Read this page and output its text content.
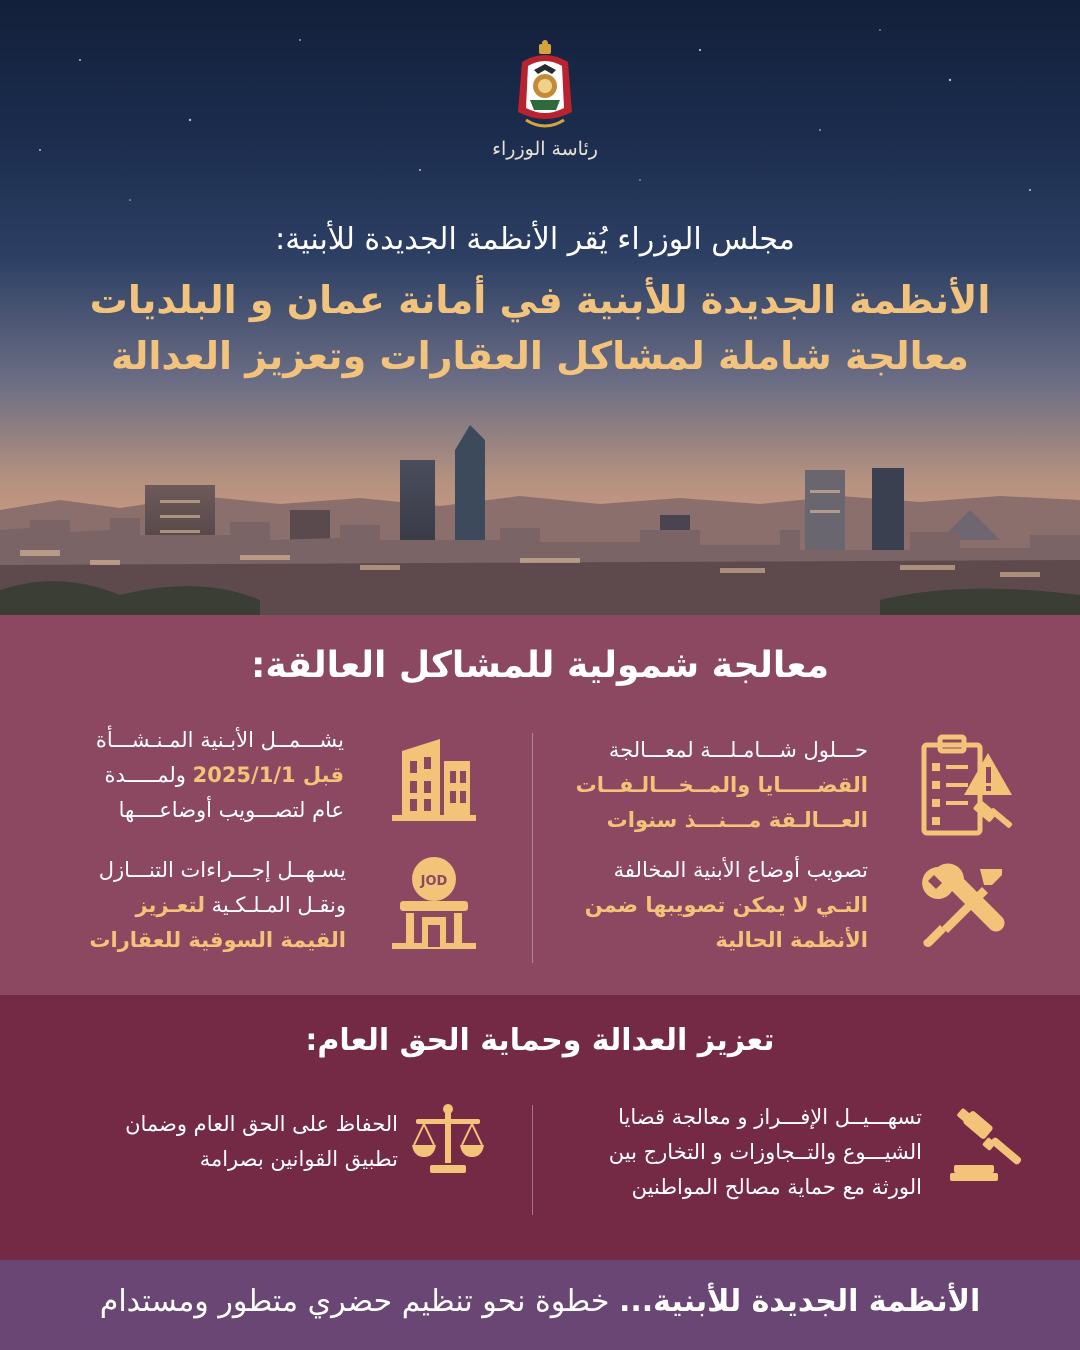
رئاسة الوزراء
مجلس الوزراء يُقر الأنظمة الجديدة للأبنية:
الأنظمة الجديدة للأبنية في أمانة عمان و البلديات
معالجة شاملة لمشاكل العقارات وتعزيز العدالة
معالجة شمولية للمشاكل العالقة:
حـــلول شـــامـلـــة لمعـــالجة
القضـــــايا والمــخـــالـفــات
العـــالـقة مـــنـــذ سنوات
يشـــمــل الأبـنية المـنـشـــأة
قبل 2025/1/1 ولمـــــدة
عام لتصـــويب أوضاعــــها
تصويب أوضاع الأبنية المخالفة
التـي لا يمكن تصويبها ضمن
الأنظمة الحالية
JOD
يسـهــل إجـــراءات التنـــازل
ونقـل المـلـكـية لتعـزيز
القيمة السوقية للعقارات
تعزيز العدالة وحماية الحق العام:
تسهـــيــل الإفـــراز و معالجة قضايا
الشيـــوع والتــجاوزات و التخارج بين
الورثة مع حماية مصالح المواطنين
الحفاظ على الحق العام وضمان
تطبيق القوانين بصرامة
الأنظمة الجديدة للأبنية... خطوة نحو تنظيم حضري متطور ومستدام
